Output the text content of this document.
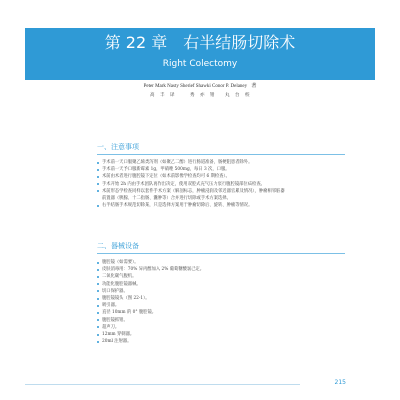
第 22 章　右半结肠切除术
Right Colectomy
Peter Mark Nasty Sherief Shawki Conor P. Delaney 著
高　丰　译　　　秀　亦　钳　　丸　台　校
一、注意事项
手术前一天口服聚乙烯类泻剂（如聚乙二醇）进行肠道准备，肠梗阻患者除外。
手术前一天予口服新霉素 1g，甲硝唑 500mg，每日 3 次，口服。
术前由术者进行腹腔镜下定位（如术前影像学检查均可 6 期检查）。
手术开始 2h 内由手术团队再作出决定，使用双腔式充气压力泵行腹腔镜部位疝检查。
术前形态学检查同样以套件手术方案（解剖标志，肿瘤浸润及邻近器官累及情况），肿瘤相邻脏器
前置器（胰腺、十二指肠、囊肿等）合并进行切除或手术方案选择。
右半结肠手术规范切除某，只是选择方案用于肿瘤切除后、旋转、肿瘤等情况。
二、器械设备
腹腔镜（如需要）。
皮肤消毒用：70% 异丙醇加入 2% 葡萄糖酸氯己定。
二氧化碳气腹机。
功能化腹腔镜器械。
切口保护器。
腹腔镜镜头（图 22-1）。
吸引器。
直径 10mm 的 0° 腹腔镜。
腹腔镜抓钳。
超声刀。
12mm 穿刺器。
20ml 注射器。
215
